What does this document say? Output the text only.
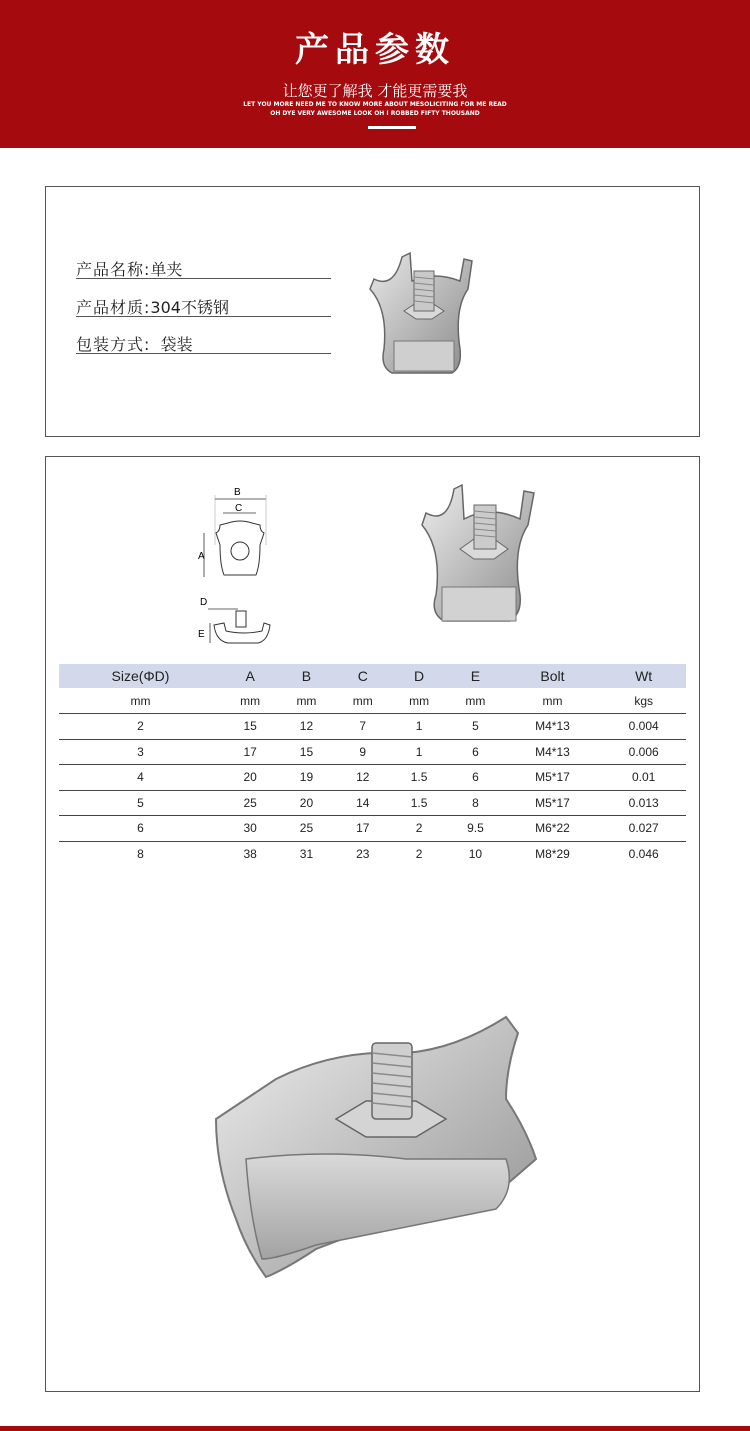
产品参数
让您更了解我 才能更需要我
LET YOU MORE NEED ME TO KNOW MORE ABOUT MESOLICITING FOR ME READ
OH DYE VERY AWESOME LOOK OH I ROBBED FIFTY THOUSAND
产品名称:单夹
产品材质:304不锈钢
包装方式: 袋装
B
C
A
D
E
Size(ΦD)	A	B	C	D	E	Bolt	Wt
mm	mm	mm	mm	mm	mm	mm	kgs
2	15	12	7	1	5	M4*13	0.004
3	17	15	9	1	6	M4*13	0.006
4	20	19	12	1.5	6	M5*17	0.01
5	25	20	14	1.5	8	M5*17	0.013
6	30	25	17	2	9.5	M6*22	0.027
8	38	31	23	2	10	M8*29	0.046
